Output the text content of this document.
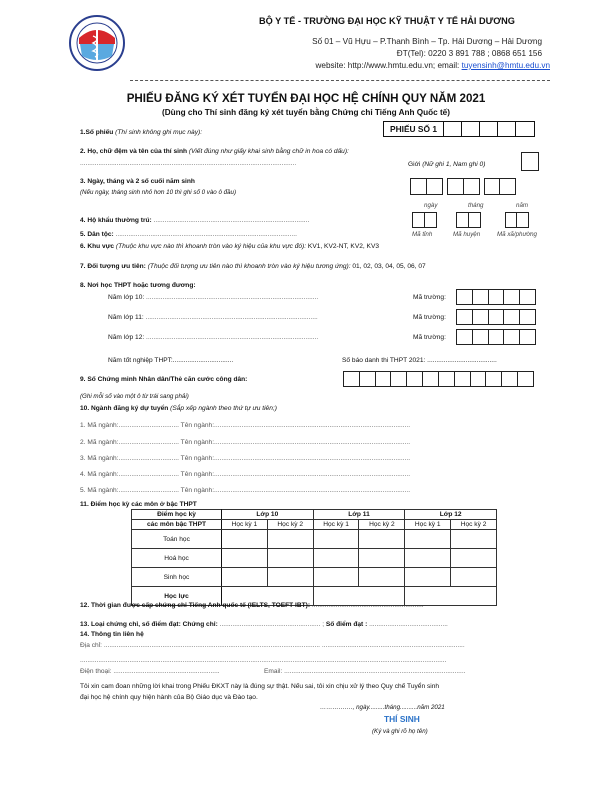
BỘ Y TẾ - TRƯỜNG ĐẠI HỌC KỸ THUẬT Y TẾ HẢI DƯƠNG
Số 01 – Vũ Hựu – P.Thanh Bình – Tp. Hải Dương – Hải Dương
ĐT(Tel): 0220 3 891 788 ; 0868 651 156
website: http://www.hmtu.edu.vn; email: tuyensinh@hmtu.edu.vn
PHIẾU ĐĂNG KÝ XÉT TUYỂN ĐẠI HỌC HỆ CHÍNH QUY NĂM 2021
(Dùng cho Thí sinh đăng ký xét tuyển bằng Chứng chỉ Tiếng Anh Quốc tế)
1.Số phiếu (Thí sinh không ghi mục này):	PHIẾU SỐ 1
2. Họ, chữ đệm và tên của thí sinh (Viết đúng như giấy khai sinh bằng chữ in hoa có dấu):
......................................................................................................................	Giới (Nữ ghi 1, Nam ghi 0)
3. Ngày, tháng và 2 số cuối năm sinh
(Nếu ngày, tháng sinh nhỏ hơn 10 thì ghi số 0 vào ô đầu)
ngày	tháng	năm
4. Hộ khẩu thường trú: .....................................................................................
5. Dân tộc: ...................................................................................................	Mã tỉnh	Mã huyện	Mã xã/phường
6. Khu vực (Thuộc khu vực nào thì khoanh tròn vào ký hiệu của khu vực đó): KV1, KV2-NT, KV2, KV3
7. Đối tượng ưu tiên: (Thuộc đối tượng ưu tiên nào thì khoanh tròn vào ký hiệu tương ứng): 01, 02, 03, 04, 05, 06, 07
8. Nơi học THPT hoặc tương đương:
Năm lớp 10: ..............................................................................................	Mã trường:
Năm lớp 11: ..............................................................................................	Mã trường:
Năm lớp 12: ..............................................................................................	Mã trường:
Năm tốt nghiệp THPT:.................................	Số báo danh thi THPT 2021: ......................................
9. Số Chứng minh Nhân dân/Thẻ căn cước công dân:
(Ghi mỗi số vào một ô từ trái sang phải)
10. Ngành đăng ký dự tuyển (Sắp xếp ngành theo thứ tự ưu tiên;)
1. Mã ngành:................................. Tên ngành:...........................................................................................................
2. Mã ngành:................................. Tên ngành:...........................................................................................................
3. Mã ngành:................................. Tên ngành:...........................................................................................................
4. Mã ngành:................................. Tên ngành:...........................................................................................................
5. Mã ngành:................................. Tên ngành:...........................................................................................................
11. Điểm học kỳ các môn ở bậc THPT
Điểm học kỳ	Lớp 10		Lớp 11		Lớp 12	
các môn bậc THPT	Học kỳ 1	Học kỳ 2	Học kỳ 1	Học kỳ 2	Học kỳ 1	Học kỳ 2
Toán học						
Hoá học						
Sinh học						
Học lực						
12. Thời gian được cấp chứng chỉ Tiếng Anh quốc tế (IELTS, TOEFT IBT): .............................................................
13. Loại chứng chỉ, số điểm đạt: Chứng chỉ: ....................................................... ; Số điểm đạt : ...........................................
14. Thông tin liên hệ
Địa chỉ: ...................................................................................................................... ..............................................................................
........................................................................................................................................................................................................
Điện thoại: ..........................................................	Email: ...................................................................................................
Tôi xin cam đoan những lời khai trong Phiếu ĐKXT này là đúng sự thật. Nếu sai, tôi xin chịu xử lý theo Quy chế Tuyển sinh
đại học hệ chính quy hiện hành của Bộ Giáo dục và Đào tạo.
……………., ngày.........tháng..........năm 2021
THÍ SINH
(Ký và ghi rõ họ tên)
